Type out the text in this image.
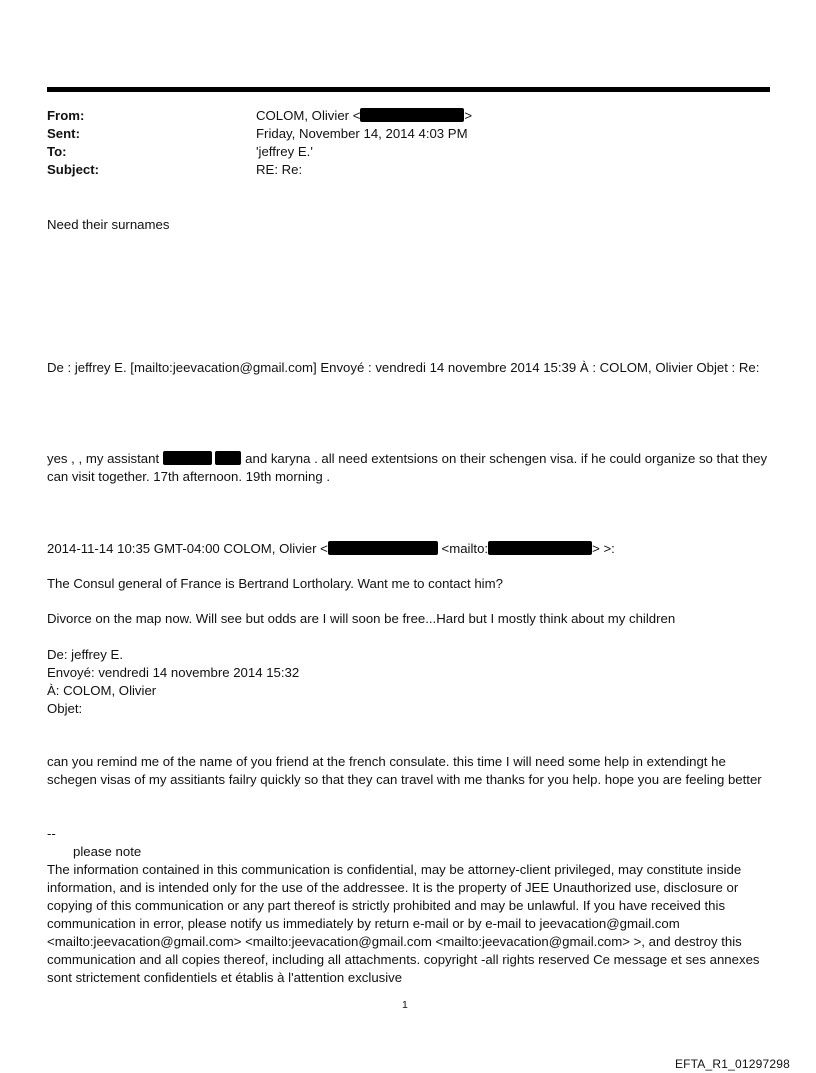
From:	COLOM, Olivier <	>
Sent:	Friday, November 14, 2014 4:03 PM
To:	'jeffrey E.'
Subject:	RE: Re:
Need their surnames
De : jeffrey E. [mailto:jeevacation@gmail.com] Envoyé : vendredi 14 novembre 2014 15:39 À : COLOM, Olivier Objet : Re:
yes , , my assistant	and karyna . all need extentsions on their schengen visa. if he could organize so that they can visit together. 17th afternoon. 19th morning .
2014-11-14 10:35 GMT-04:00 COLOM, Olivier <	<mailto:	> >:
The Consul general of France is Bertrand Lortholary. Want me to contact him?
Divorce on the map now. Will see but odds are I will soon be free...Hard but I mostly think about my children
De: jeffrey E.
Envoyé: vendredi 14 novembre 2014 15:32
À: COLOM, Olivier
Objet:
can you remind me of the name of you friend at the french consulate. this time I will need some help in extendingt he schegen visas of my assitiants failry quickly so that they can travel with me thanks for you help. hope you are feeling better
--
please note
The information contained in this communication is confidential, may be attorney-client privileged, may constitute inside information, and is intended only for the use of the addressee. It is the property of JEE Unauthorized use, disclosure or copying of this communication or any part thereof is strictly prohibited and may be unlawful. If you have received this communication in error, please notify us immediately by return e-mail or by e-mail to jeevacation@gmail.com <mailto:jeevacation@gmail.com> <mailto:jeevacation@gmail.com <mailto:jeevacation@gmail.com> >, and destroy this communication and all copies thereof, including all attachments. copyright -all rights reserved Ce message et ses annexes sont strictement confidentiels et établis à l'attention exclusive
1
EFTA_R1_01297298
